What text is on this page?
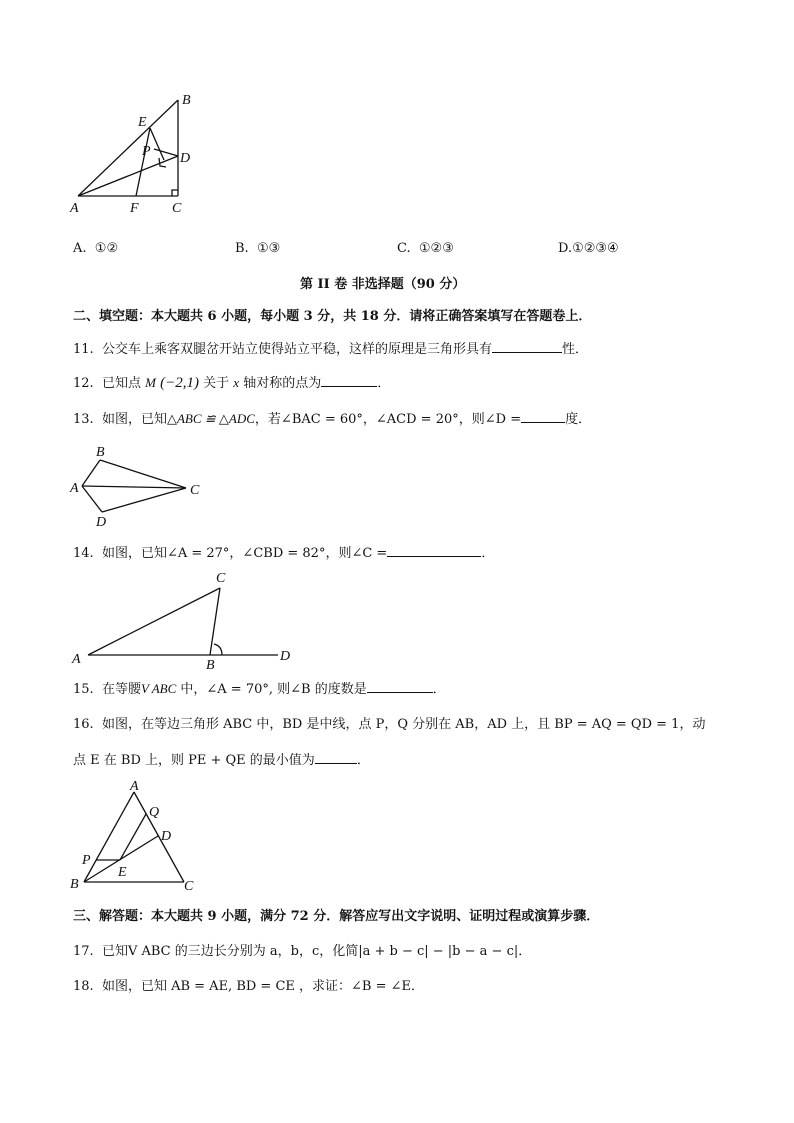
B
E
P D
A	F C
A. ①②	B. ①③	C. ①②③	D.①②③④
第 II 卷 非选择题（90 分）
二、填空题：本大题共 6 小题，每小题 3 分，共 18 分．请将正确答案填写在答题卷上．
11. 公交车上乘客双腿岔开站立使得站立平稳，这样的原理是三角形具有	性．
12. 已知点 M (−2,1) 关于 x 轴对称的点为	．
13. 如图，已知△ABC ≌ △ADC，若∠BAC = 60°，∠ACD = 20°，则∠D =	度．
B
A	C
D
14. 如图，已知∠A = 27°，∠CBD = 82°，则∠C =	．
C
A	B
D
15. 在等腰V ABC 中，∠A = 70°, 则∠B 的度数是	．
16. 如图，在等边三角形 ABC 中，BD 是中线，点 P，Q 分别在 AB，AD 上，且 BP = AQ = QD = 1，动
点 E 在 BD 上，则 PE + QE 的最小值为	．
A
Q
D
P
E
B	C
三、解答题：本大题共 9 小题，满分 72 分．解答应写出文字说明、证明过程或演算步骤．
17. 已知V ABC 的三边长分别为 a，b，c，化简|a + b − c| − |b − a − c|．
18. 如图，已知 AB = AE, BD = CE ，求证：∠B = ∠E．
